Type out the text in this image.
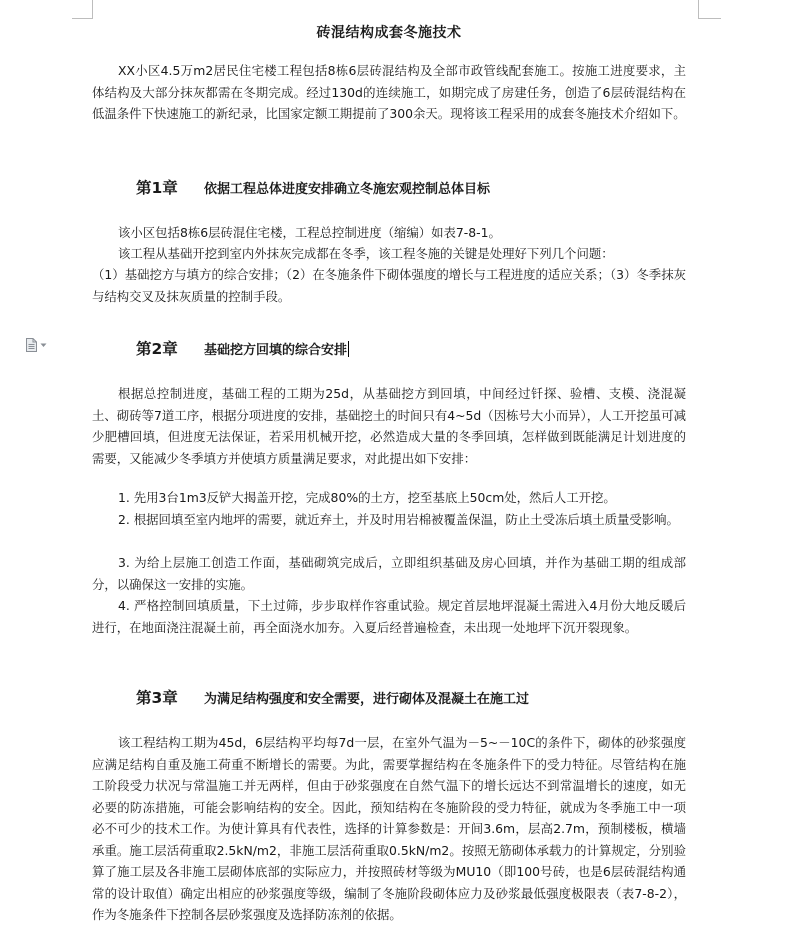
砖混结构成套冬施技术

XX小区4.5万m2居民住宅楼工程包括8栋6层砖混结构及全部市政管线配套施工。按施工进度要求，主体结构及大部分抹灰都需在冬期完成。经过130d的连续施工，如期完成了房建任务，创造了6层砖混结构在低温条件下快速施工的新纪录，比国家定额工期提前了300余天。现将该工程采用的成套冬施技术介绍如下。

第1章 依据工程总体进度安排确立冬施宏观控制总体目标

该小区包括8栋6层砖混住宅楼，工程总控制进度（缩编）如表7-8-1。

该工程从基础开挖到室内外抹灰完成都在冬季，该工程冬施的关键是处理好下列几个问题：

（1）基础挖方与填方的综合安排；（2）在冬施条件下砌体强度的增长与工程进度的适应关系；（3）冬季抹灰与结构交叉及抹灰质量的控制手段。

第2章 基础挖方回填的综合安排

根据总控制进度，基础工程的工期为25d，从基础挖方到回填，中间经过钎探、验槽、支模、浇混凝土、砌砖等7道工序，根据分项进度的安排，基础挖土的时间只有4~5d（因栋号大小而异），人工开挖虽可减少肥槽回填，但进度无法保证，若采用机械开挖，必然造成大量的冬季回填，怎样做到既能满足计划进度的需要，又能减少冬季填方并使填方质量满足要求，对此提出如下安排：

1. 先用3台1m3反铲大揭盖开挖，完成80%的土方，挖至基底上50cm处，然后人工开挖。

2. 根据回填至室内地坪的需要，就近弃土，并及时用岩棉被覆盖保温，防止土受冻后填土质量受影响。

3. 为给上层施工创造工作面，基础砌筑完成后，立即组织基础及房心回填，并作为基础工期的组成部分，以确保这一安排的实施。

4. 严格控制回填质量，下土过筛，步步取样作容重试验。规定首层地坪混凝土需进入4月份大地反暖后进行，在地面浇注混凝土前，再全面浇水加夯。入夏后经普遍检查，未出现一处地坪下沉开裂现象。

第3章 为满足结构强度和安全需要，进行砌体及混凝土在施工过

该工程结构工期为45d，6层结构平均每7d一层，在室外气温为－5~－10C的条件下，砌体的砂浆强度应满足结构自重及施工荷重不断增长的需要。为此，需要掌握结构在冬施条件下的受力特征。尽管结构在施工阶段受力状况与常温施工并无两样，但由于砂浆强度在自然气温下的增长远达不到常温增长的速度，如无必要的防冻措施，可能会影响结构的安全。因此，预知结构在冬施阶段的受力特征，就成为冬季施工中一项必不可少的技术工作。为使计算具有代表性，选择的计算参数是：开间3.6m，层高2.7m，预制楼板，横墙承重。施工层活荷重取2.5kN/m2，非施工层活荷重取0.5kN/m2。按照无筋砌体承载力的计算规定，分别验算了施工层及各非施工层砌体底部的实际应力，并按照砖材等级为MU10（即100号砖，也是6层砖混结构通常的设计取值）确定出相应的砂浆强度等级，编制了冬施阶段砌体应力及砂浆最低强度极限表（表7-8-2），作为冬施条件下控制各层砂浆强度及选择防冻剂的依据。
